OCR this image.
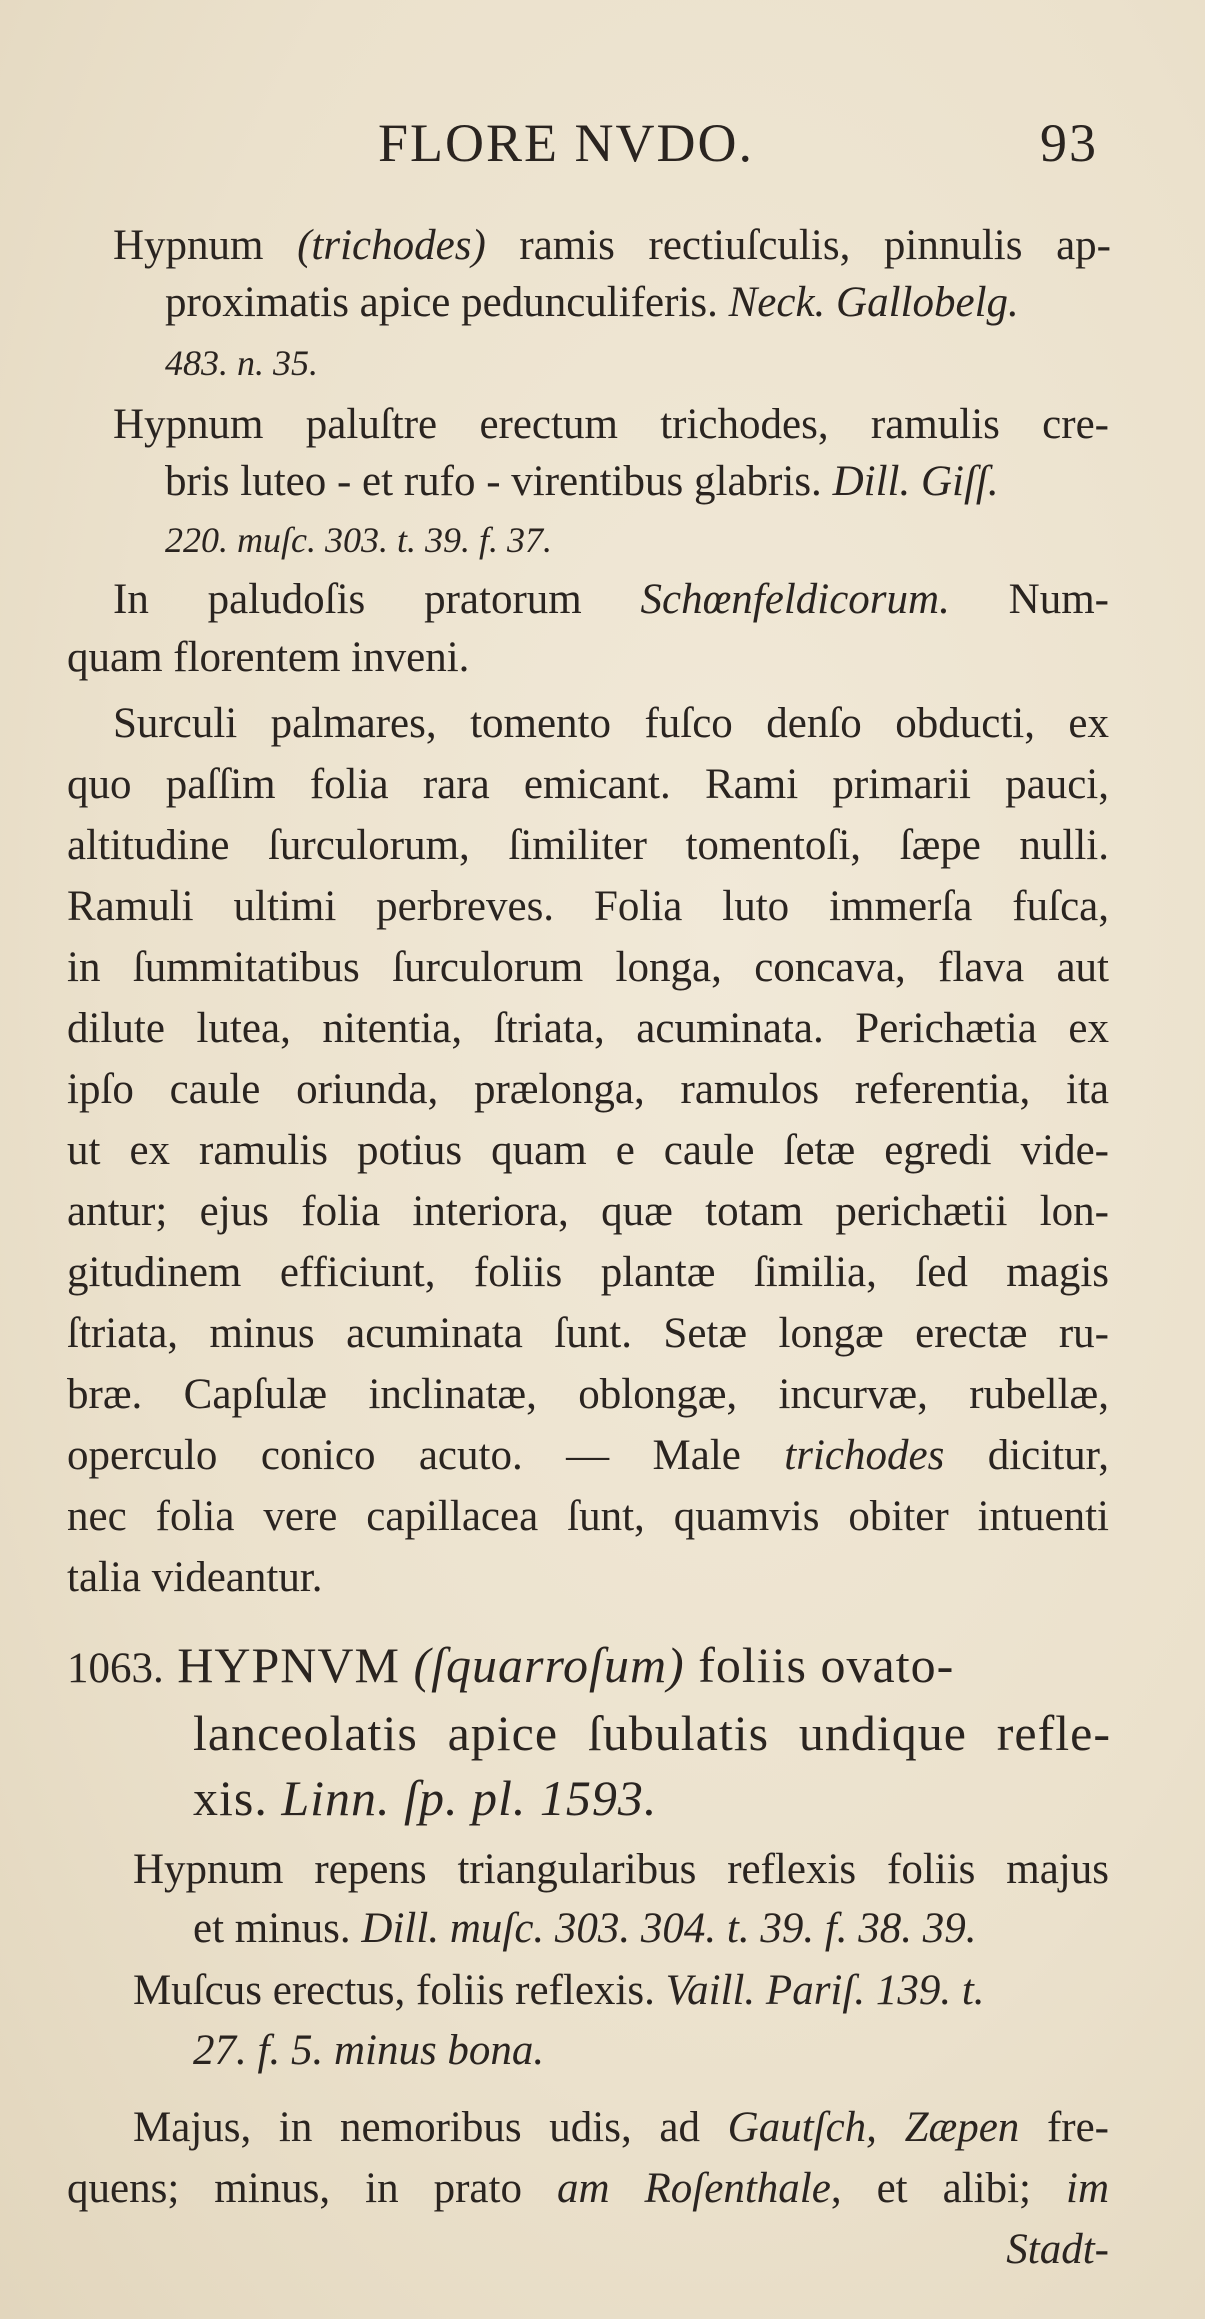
FLORE NVDO.	93
Hypnum (trichodes) ramis rectiuſculis, pinnulis ap-
proximatis apice pedunculiferis. Neck. Gallobelg.
483. n. 35.
Hypnum paluſtre erectum trichodes, ramulis cre-
bris luteo - et rufo - virentibus glabris. Dill. Giſſ.
220. muſc. 303. t. 39. f. 37.
In paludoſis pratorum Schœnfeldicorum. Num-
quam florentem inveni.
Surculi palmares, tomento fuſco denſo obducti, ex
quo paſſim folia rara emicant. Rami primarii pauci,
altitudine ſurculorum, ſimiliter tomentoſi, ſæpe nulli.
Ramuli ultimi perbreves. Folia luto immerſa fuſca,
in ſummitatibus ſurculorum longa, concava, flava aut
dilute lutea, nitentia, ſtriata, acuminata. Perichætia ex
ipſo caule oriunda, prælonga, ramulos referentia, ita
ut ex ramulis potius quam e caule ſetæ egredi vide-
antur; ejus folia interiora, quæ totam perichætii lon-
gitudinem efficiunt, foliis plantæ ſimilia, ſed magis
ſtriata, minus acuminata ſunt. Setæ longæ erectæ ru-
bræ. Capſulæ inclinatæ, oblongæ, incurvæ, rubellæ,
operculo conico acuto. — Male trichodes dicitur,
nec folia vere capillacea ſunt, quamvis obiter intuenti
talia videantur.
1063. HYPNVM (ſquarroſum) foliis ovato-
lanceolatis apice ſubulatis undique refle-
xis. Linn. ſp. pl. 1593.
Hypnum repens triangularibus reflexis foliis majus
et minus. Dill. muſc. 303. 304. t. 39. f. 38. 39.
Muſcus erectus, foliis reflexis. Vaill. Pariſ. 139. t.
27. f. 5. minus bona.
Majus, in nemoribus udis, ad Gautſch, Zæpen fre-
quens; minus, in prato am Roſenthale, et alibi; im
Stadt-
